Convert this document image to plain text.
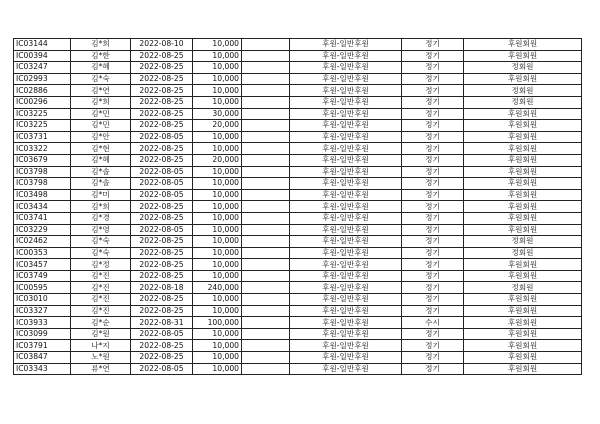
IC03144	김*희	2022-08-10	10,000		후원-일반후원	정기	후원회원
IC00394	김*한	2022-08-25	10,000		후원-일반후원	정기	후원회원
IC03247	김*혜	2022-08-25	10,000		후원-일반후원	정기	정회원
IC02993	김*숙	2022-08-25	10,000		후원-일반후원	정기	후원회원
IC02886	김*연	2022-08-25	10,000		후원-일반후원	정기	정회원
IC00296	김*희	2022-08-25	10,000		후원-일반후원	정기	정회원
IC03225	김*민	2022-08-25	30,000		후원-일반후원	정기	후원회원
IC03225	김*민	2022-08-25	20,000		후원-일반후원	정기	후원회원
IC03731	김*안	2022-08-05	10,000		후원-일반후원	정기	후원회원
IC03322	김*현	2022-08-25	10,000		후원-일반후원	정기	후원회원
IC03679	김*혜	2022-08-25	20,000		후원-일반후원	정기	후원회원
IC03798	김*솔	2022-08-05	10,000		후원-일반후원	정기	후원회원
IC03798	김*솔	2022-08-05	10,000		후원-일반후원	정기	후원회원
IC03498	김*미	2022-08-05	10,000		후원-일반후원	정기	후원회원
IC03434	김*희	2022-08-25	10,000		후원-일반후원	정기	후원회원
IC03741	김*경	2022-08-25	10,000		후원-일반후원	정기	후원회원
IC03229	김*영	2022-08-05	10,000		후원-일반후원	정기	후원회원
IC02462	김*숙	2022-08-25	10,000		후원-일반후원	정기	정회원
IC00353	김*숙	2022-08-25	10,000		후원-일반후원	정기	정회원
IC03457	김*정	2022-08-25	10,000		후원-일반후원	정기	후원회원
IC03749	김*진	2022-08-25	10,000		후원-일반후원	정기	후원회원
IC00595	김*진	2022-08-18	240,000		후원-일반후원	정기	정회원
IC03010	김*진	2022-08-25	10,000		후원-일반후원	정기	후원회원
IC03327	김*진	2022-08-25	10,000		후원-일반후원	정기	후원회원
IC03933	김*순	2022-08-31	100,000		후원-일반후원	수시	후원회원
IC03099	김*원	2022-08-05	10,000		후원-일반후원	정기	후원회원
IC03791	나*지	2022-08-25	10,000		후원-일반후원	정기	후원회원
IC03847	노*원	2022-08-25	10,000		후원-일반후원	정기	후원회원
IC03343	류*연	2022-08-05	10,000		후원-일반후원	정기	후원회원
